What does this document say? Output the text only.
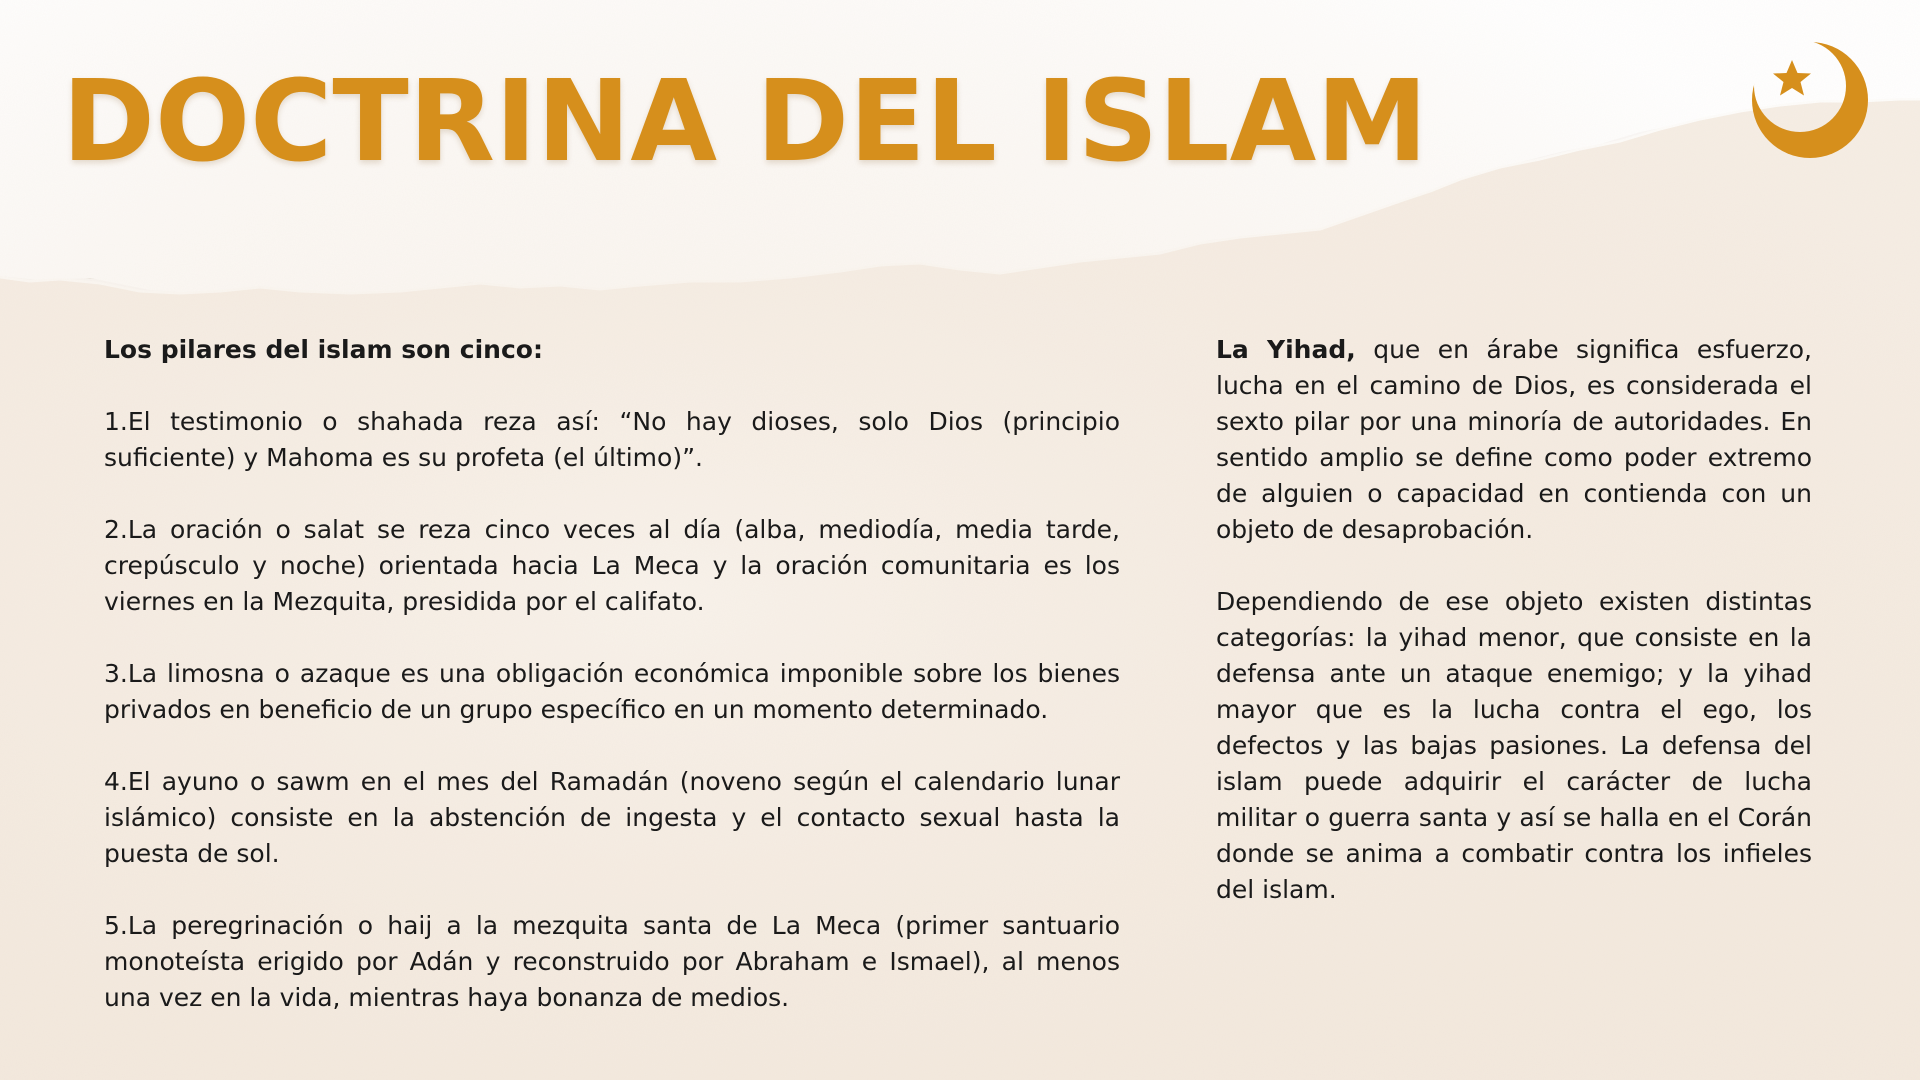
DOCTRINA DEL ISLAM

Los pilares del islam son cinco:

1.El testimonio o shahada reza así: “No hay dioses, solo Dios (principio suficiente) y Mahoma es su profeta (el último)”.

2.La oración o salat se reza cinco veces al día (alba, mediodía, media tarde, crepúsculo y noche) orientada hacia La Meca y la oración comunitaria es los viernes en la Mezquita, presidida por el califato.

3.La limosna o azaque es una obligación económica imponible sobre los bienes privados en beneficio de un grupo específico en un momento determinado.

4.El ayuno o sawm en el mes del Ramadán (noveno según el calendario lunar islámico) consiste en la abstención de ingesta y el contacto sexual hasta la puesta de sol.

5.La peregrinación o haij a la mezquita santa de La Meca (primer santuario monoteísta erigido por Adán y reconstruido por Abraham e Ismael), al menos una vez en la vida, mientras haya bonanza de medios.

La Yihad, que en árabe significa esfuerzo, lucha en el camino de Dios, es considerada el sexto pilar por una minoría de autoridades. En sentido amplio se define como poder extremo de alguien o capacidad en contienda con un objeto de desaprobación.

Dependiendo de ese objeto existen distintas categorías: la yihad menor, que consiste en la defensa ante un ataque enemigo; y la yihad mayor que es la lucha contra el ego, los defectos y las bajas pasiones. La defensa del islam puede adquirir el carácter de lucha militar o guerra santa y así se halla en el Corán donde se anima a combatir contra los infieles del islam.
